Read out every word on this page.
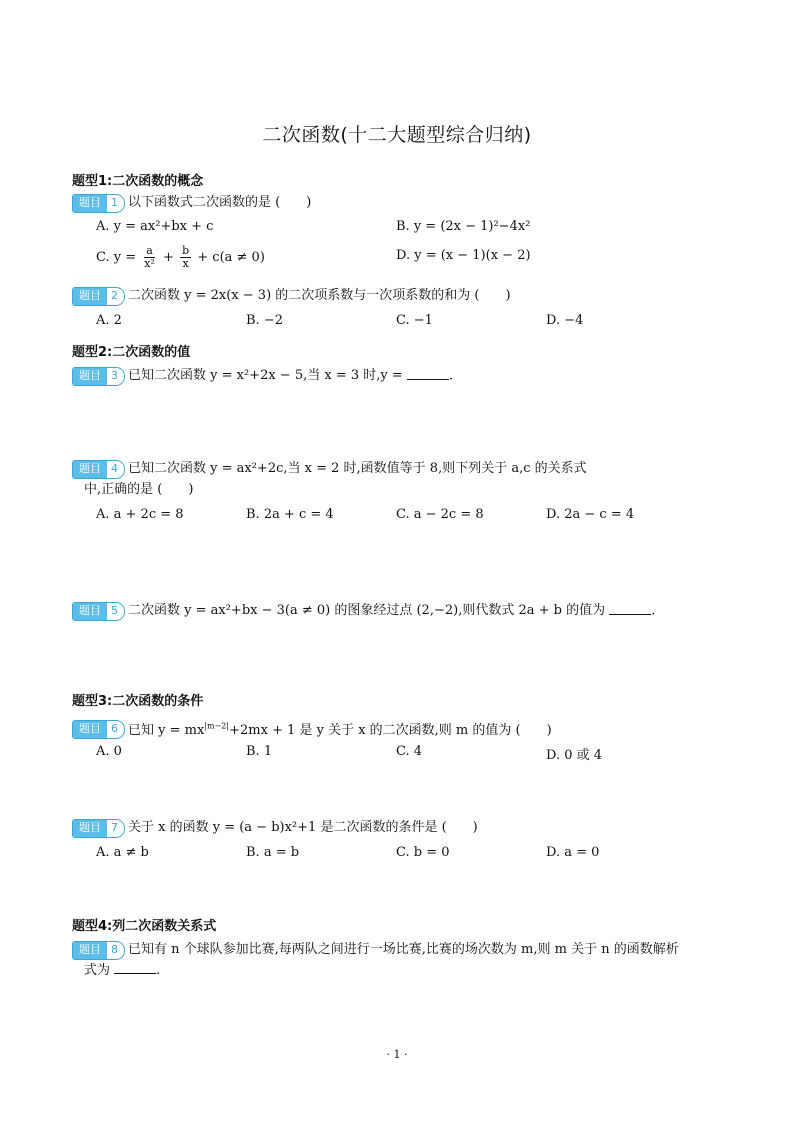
二次函数(十二大题型综合归纳)
题型1:二次函数的概念
题目 1 以下函数式二次函数的是 (　　)
A. y = ax²+bx + c	B. y = (2x − 1)²−4x²
C. $y = \frac{a}{\text{x²}} + \frac{b}{x} + c(a \ne 0)$	D. y = (x − 1)(x − 2)
题目 2 二次函数 y = 2x(x − 3) 的二次项系数与一次项系数的和为 (　　)
A. 2	B. −2	C. −1	D. −4
题型2:二次函数的值
题目 3 已知二次函数 y = x²+2x − 5,当 x = 3 时,y =	.
题目 4 已知二次函数 y = ax²+2c,当 x = 2 时,函数值等于 8,则下列关于 a,c 的关系式
中,正确的是 (　　)
A. a + 2c = 8	B. 2a + c = 4	C. a − 2c = 8	D. 2a − c = 4
题目 5 二次函数 y = ax²+bx − 3(a ≠ 0) 的图象经过点 (2,−2),则代数式 2a + b 的值为	.
题型3:二次函数的条件
题目 6 已知 $y = mx^{|m-2|}+2mx + 1$ 是 y 关于 x 的二次函数,则 m 的值为 (　　)
A. 0	B. 1	C. 4	D. 0 或 4
题目 7 关于 x 的函数 y = (a − b)x²+1 是二次函数的条件是 (　　)
A. a ≠ b	B. a = b	C. b = 0	D. a = 0
题型4:列二次函数关系式
题目 8 已知有 n 个球队参加比赛,每两队之间进行一场比赛,比赛的场次数为 m,则 m 关于 n 的函数解析
式为	.
· 1 ·
